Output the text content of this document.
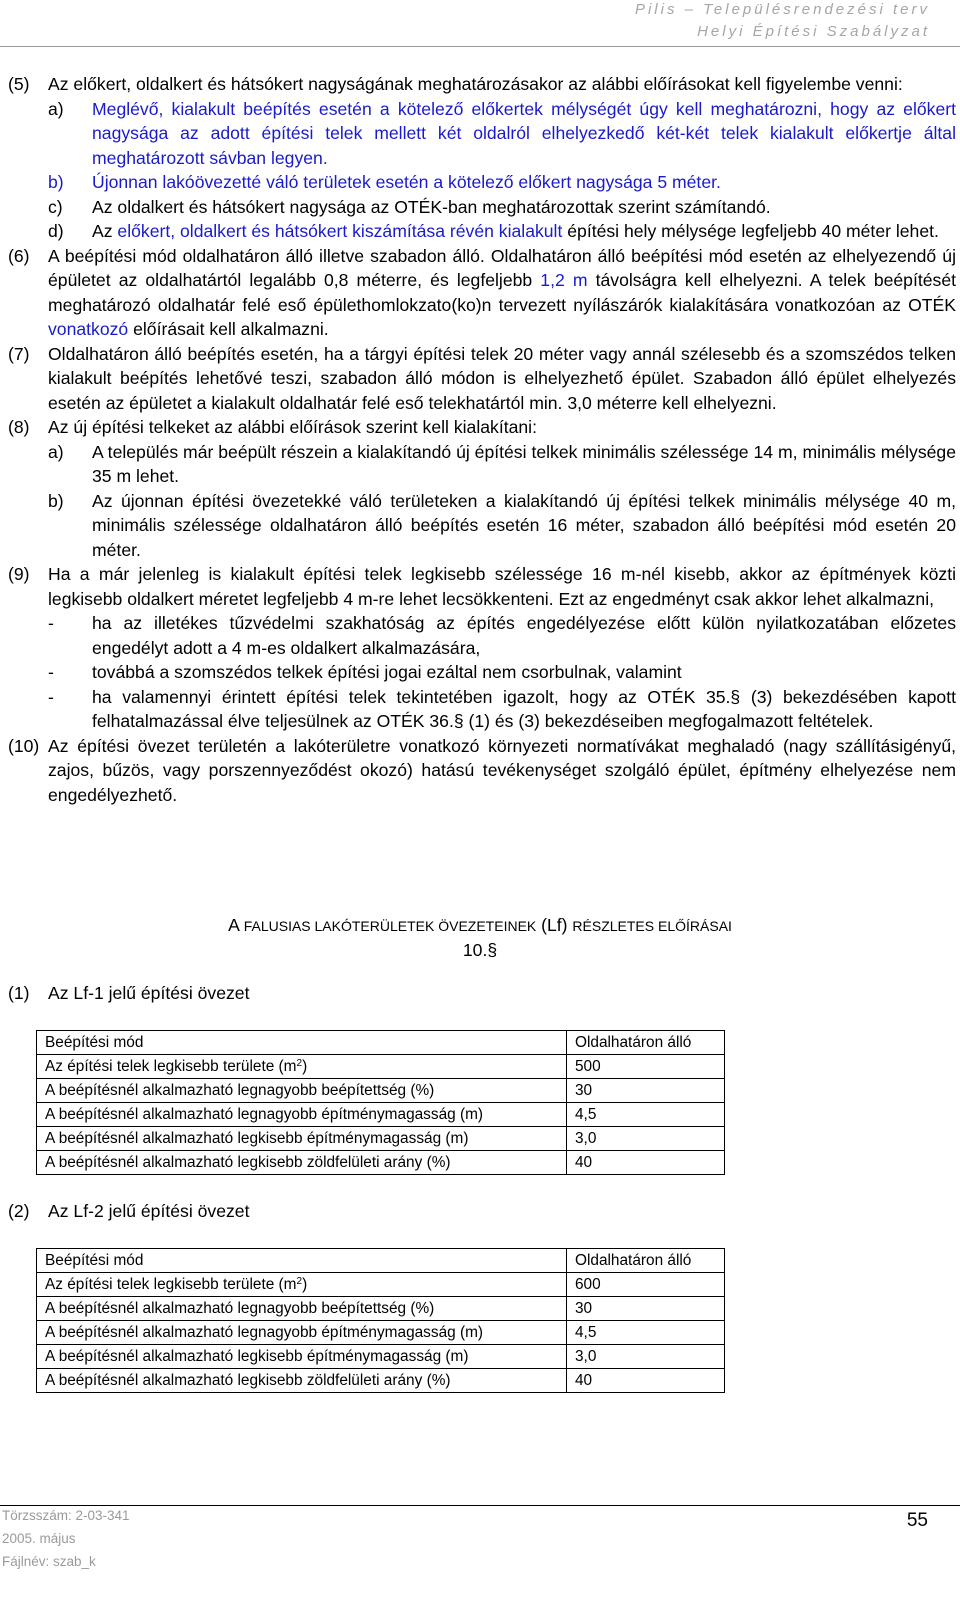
Pilis – Településrendezési terv
Helyi Építési Szabályzat
(5)	Az előkert, oldalkert és hátsókert nagyságának meghatározásakor az alábbi előírásokat kell figyelembe venni:
a)	Meglévő, kialakult beépítés esetén a kötelező előkertek mélységét úgy kell meghatározni, hogy az előkert nagysága az adott építési telek mellett két oldalról elhelyezkedő két-két telek kialakult előkertje által meghatározott sávban legyen.
b)	Újonnan lakóövezetté váló területek esetén a kötelező előkert nagysága 5 méter.
c)	Az oldalkert és hátsókert nagysága az OTÉK-ban meghatározottak szerint számítandó.
d)	Az előkert, oldalkert és hátsókert kiszámítása révén kialakult építési hely mélysége legfeljebb 40 méter lehet.
(6)	A beépítési mód oldalhatáron álló illetve szabadon álló. Oldalhatáron álló beépítési mód esetén az elhelyezendő új épületet az oldalhatártól legalább 0,8 méterre, és legfeljebb 1,2 m távolságra kell elhelyezni. A telek beépítését meghatározó oldalhatár felé eső épülethomlokzato(ko)n tervezett nyílászárók kialakítására vonatkozóan az OTÉK vonatkozó előírásait kell alkalmazni.
(7)	Oldalhatáron álló beépítés esetén, ha a tárgyi építési telek 20 méter vagy annál szélesebb és a szomszédos telken kialakult beépítés lehetővé teszi, szabadon álló módon is elhelyezhető épület. Szabadon álló épület elhelyezés esetén az épületet a kialakult oldalhatár felé eső telekhatártól min. 3,0 méterre kell elhelyezni.
(8)	Az új építési telkeket az alábbi előírások szerint kell kialakítani:
a)	A település már beépült részein a kialakítandó új építési telkek minimális szélessége 14 m, minimális mélysége 35 m lehet.
b)	Az újonnan építési övezetekké váló területeken a kialakítandó új építési telkek minimális mélysége 40 m, minimális szélessége oldalhatáron álló beépítés esetén 16 méter, szabadon álló beépítési mód esetén 20 méter.
(9)	Ha a már jelenleg is kialakult építési telek legkisebb szélessége 16 m-nél kisebb, akkor az építmények közti legkisebb oldalkert méretet legfeljebb 4 m-re lehet lecsökkenteni. Ezt az engedményt csak akkor lehet alkalmazni,
-	ha az illetékes tűzvédelmi szakhatóság az építés engedélyezése előtt külön nyilatkozatában előzetes engedélyt adott a 4 m-es oldalkert alkalmazására,
-	továbbá a szomszédos telkek építési jogai ezáltal nem csorbulnak, valamint
-	ha valamennyi érintett építési telek tekintetében igazolt, hogy az OTÉK 35.§ (3) bekezdésében kapott felhatalmazással élve teljesülnek az OTÉK 36.§ (1) és (3) bekezdéseiben megfogalmazott feltételek.
(10) Az építési övezet területén a lakóterületre vonatkozó környezeti normatívákat meghaladó (nagy szállításigényű, zajos, bűzös, vagy porszennyeződést okozó) hatású tevékenységet szolgáló épület, építmény elhelyezése nem engedélyezhető.
A FALUSIAS LAKÓTERÜLETEK ÖVEZETEINEK (Lf) RÉSZLETES ELŐÍRÁSAI
10.§
(1)	Az Lf-1 jelű építési övezet
Beépítési mód	Oldalhatáron álló
Az építési telek legkisebb területe $(m^2)$	500
A beépítésnél alkalmazható legnagyobb beépítettség (%)	30
A beépítésnél alkalmazható legnagyobb építménymagasság (m)	4,5
A beépítésnél alkalmazható legkisebb építménymagasság (m)	3,0
A beépítésnél alkalmazható legkisebb zöldfelületi arány (%)	40
(2)	Az Lf-2 jelű építési övezet
Beépítési mód	Oldalhatáron álló
Az építési telek legkisebb területe $(m^2)$	600
A beépítésnél alkalmazható legnagyobb beépítettség (%)	30
A beépítésnél alkalmazható legnagyobb építménymagasság (m)	4,5
A beépítésnél alkalmazható legkisebb építménymagasság (m)	3,0
A beépítésnél alkalmazható legkisebb zöldfelületi arány (%)	40
Törzsszám: 2-03-341
2005. május
Fájlnév: szab_k
55
